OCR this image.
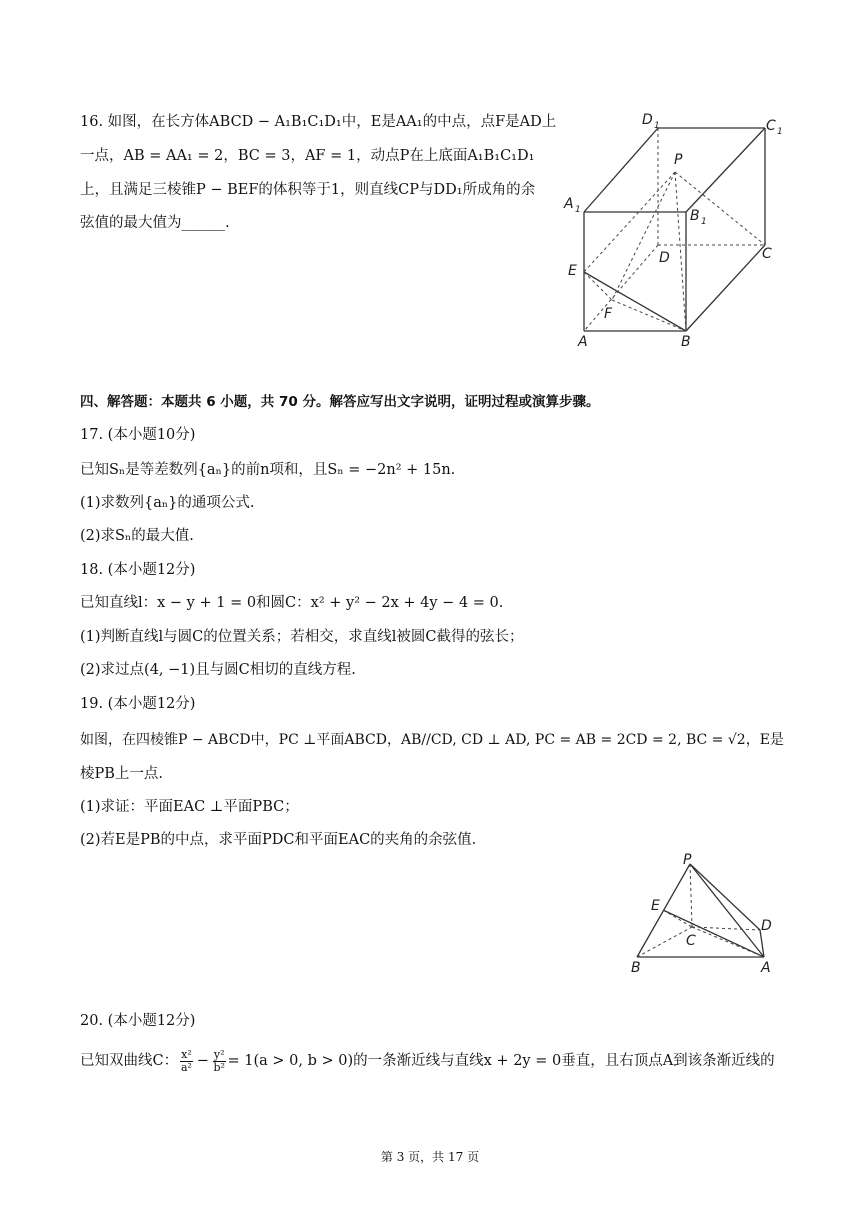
16. 如图，在长方体ABCD − A₁B₁C₁D₁中，E是AA₁的中点，点F是AD上
一点，AB = AA₁ = 2，BC = 3，AF = 1，动点P在上底面A₁B₁C₁D₁
上，且满足三棱锥P − BEF的体积等于1，则直线CP与DD₁所成角的余
弦值的最大值为______.
D 1	C 1
A 1	B 1
P
D	C
E
F
A	B
四、解答题：本题共 6 小题，共 70 分。解答应写出文字说明，证明过程或演算步骤。
17. (本小题10分)
已知Sₙ是等差数列{aₙ}的前n项和，且Sₙ = −2n² + 15n.
(1)求数列{aₙ}的通项公式.
(2)求Sₙ的最大值.
18. (本小题12分)
已知直线l：x − y + 1 = 0和圆C：x² + y² − 2x + 4y − 4 = 0.
(1)判断直线l与圆C的位置关系；若相交，求直线l被圆C截得的弦长；
(2)求过点(4, −1)且与圆C相切的直线方程.
19. (本小题12分)
如图，在四棱锥P − ABCD中，PC ⊥平面ABCD，AB//CD, CD ⊥ AD, PC = AB = 2CD = 2, BC = √2，E是
棱PB上一点.
(1)求证：平面EAC ⊥平面PBC；
(2)若E是PB的中点，求平面PDC和平面EAC的夹角的余弦值.
P
E
D
C
B	A
20. (本小题12分)
已知双曲线C： $\frac{\text{x²}}{\text{a²}} - \frac{\text{y²}}{\text{b²}} = 1(a > 0$, b > 0)的一条渐近线与直线x + 2y = 0垂直，且右顶点A到该条渐近线的
第 3 页，共 17 页
